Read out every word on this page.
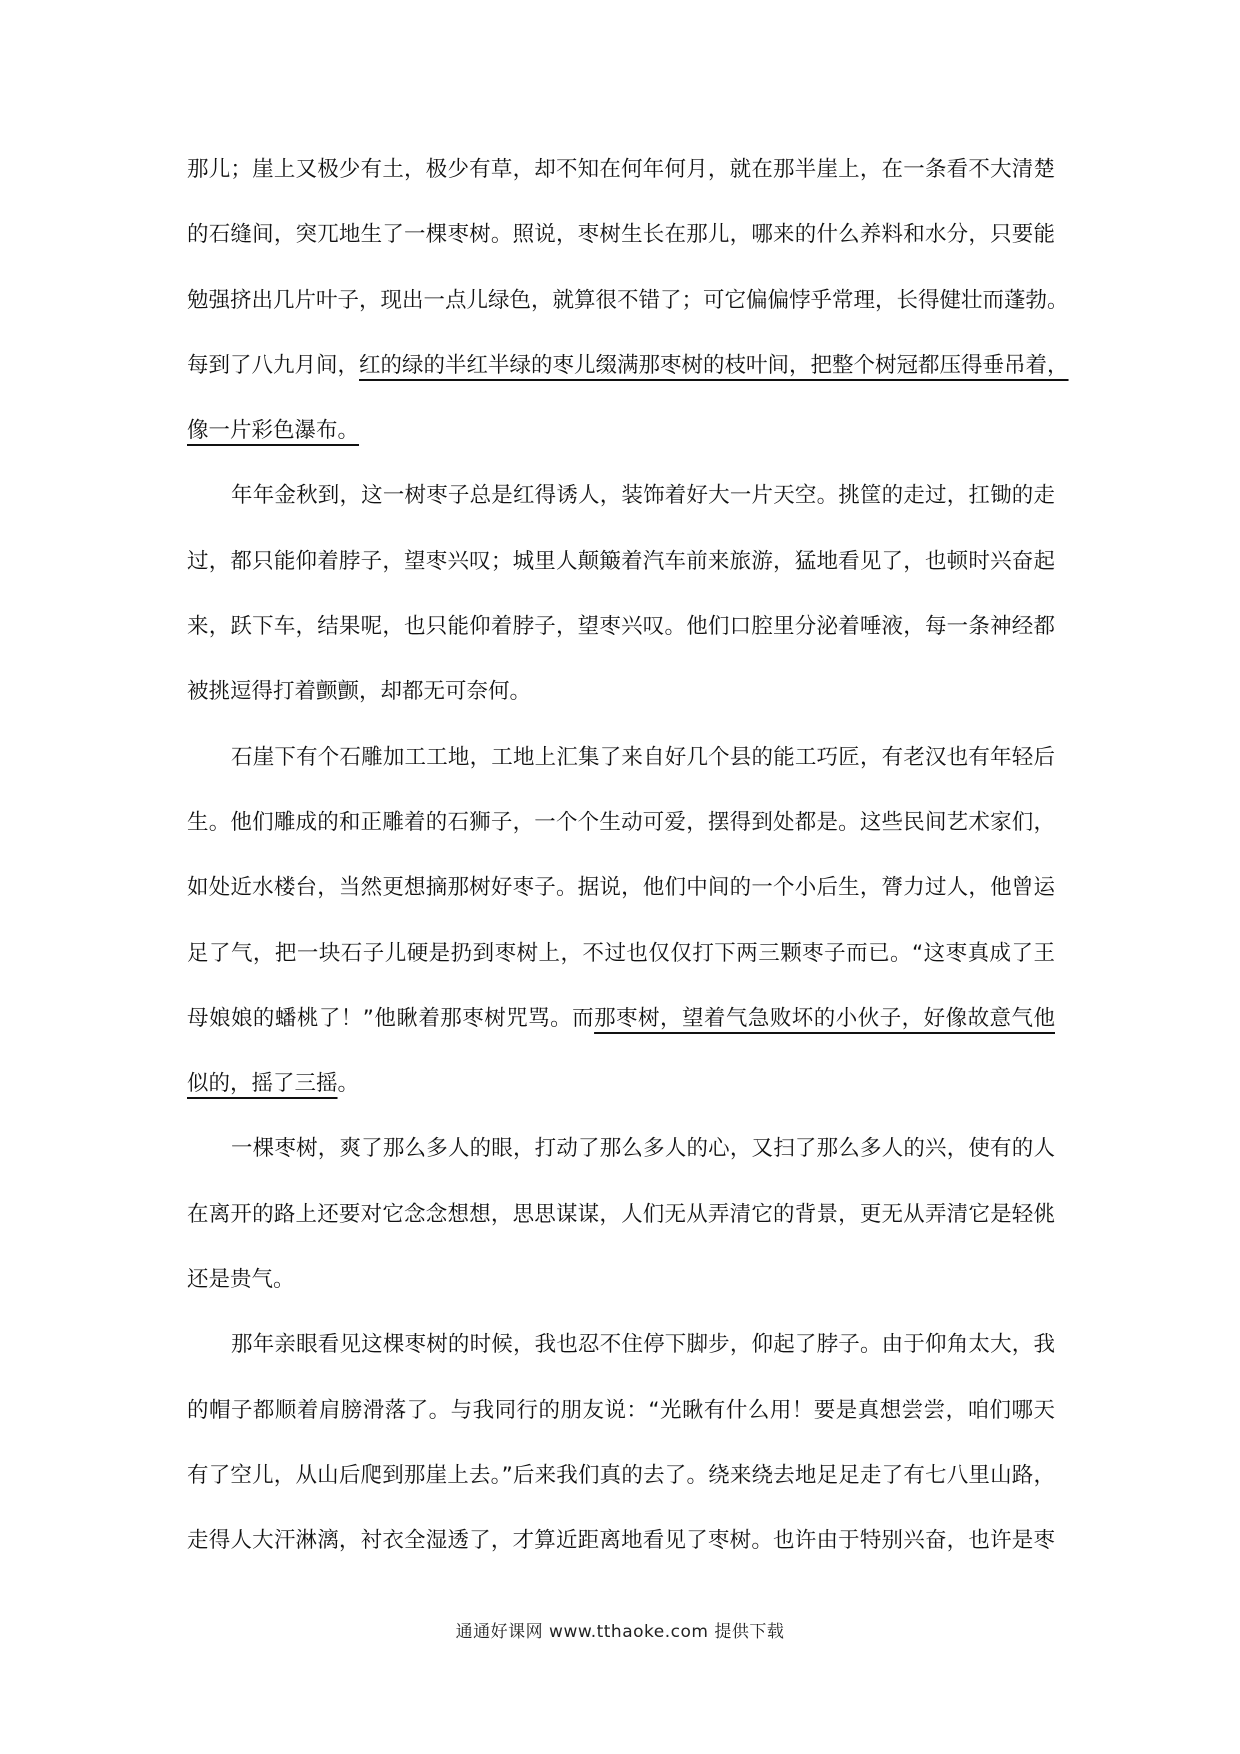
那儿；崖上又极少有土，极少有草，却不知在何年何月，就在那半崖上，在一条看不大清楚
的石缝间，突兀地生了一棵枣树。照说，枣树生长在那儿，哪来的什么养料和水分，只要能
勉强挤出几片叶子，现出一点儿绿色，就算很不错了；可它偏偏悖乎常理，长得健壮而蓬勃。
每到了八九月间，红的绿的半红半绿的枣儿缀满那枣树的枝叶间，把整个树冠都压得垂吊着，
像一片彩色瀑布。
年年金秋到，这一树枣子总是红得诱人，装饰着好大一片天空。挑筐的走过，扛锄的走
过，都只能仰着脖子，望枣兴叹；城里人颠簸着汽车前来旅游，猛地看见了，也顿时兴奋起
来，跃下车，结果呢，也只能仰着脖子，望枣兴叹。他们口腔里分泌着唾液，每一条神经都
被挑逗得打着颤颤，却都无可奈何。
石崖下有个石雕加工工地，工地上汇集了来自好几个县的能工巧匠，有老汉也有年轻后
生。他们雕成的和正雕着的石狮子，一个个生动可爱，摆得到处都是。这些民间艺术家们，
如处近水楼台，当然更想摘那树好枣子。据说，他们中间的一个小后生，膂力过人，他曾运
足了气，把一块石子儿硬是扔到枣树上，不过也仅仅打下两三颗枣子而已。“这枣真成了王
母娘娘的蟠桃了！”他瞅着那枣树咒骂。而那枣树，望着气急败坏的小伙子，好像故意气他
似的，摇了三摇。
一棵枣树，爽了那么多人的眼，打动了那么多人的心，又扫了那么多人的兴，使有的人
在离开的路上还要对它念念想想，思思谋谋，人们无从弄清它的背景，更无从弄清它是轻佻
还是贵气。
那年亲眼看见这棵枣树的时候，我也忍不住停下脚步，仰起了脖子。由于仰角太大，我
的帽子都顺着肩膀滑落了。与我同行的朋友说：“光瞅有什么用！要是真想尝尝，咱们哪天
有了空儿，从山后爬到那崖上去。”后来我们真的去了。绕来绕去地足足走了有七八里山路，
走得人大汗淋漓，衬衣全湿透了，才算近距离地看见了枣树。也许由于特别兴奋，也许是枣
通通好课网 www.tthaoke.com 提供下载
